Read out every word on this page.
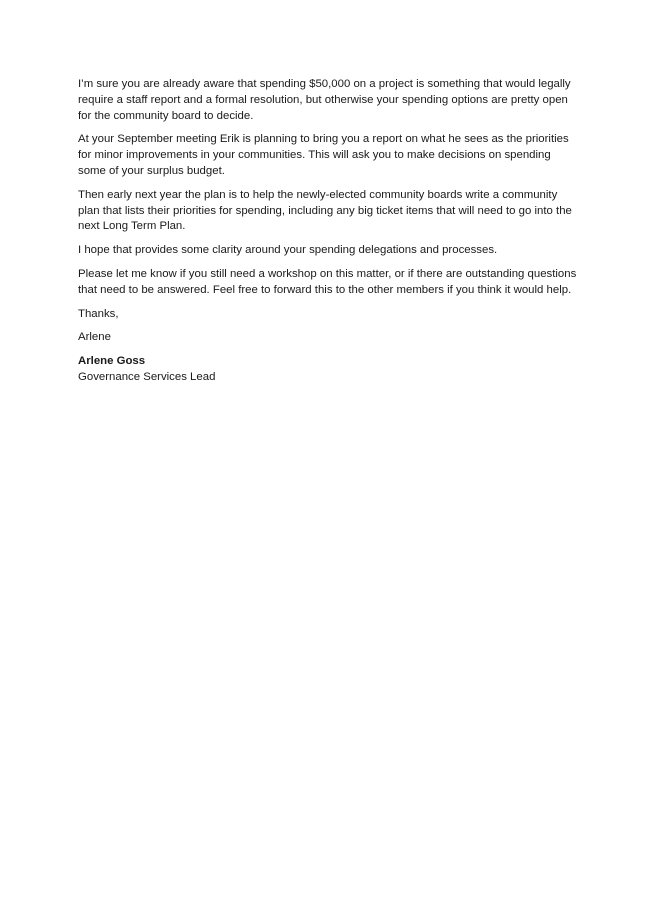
I’m sure you are already aware that spending $50,000 on a project is something that would legally require a staff report and a formal resolution, but otherwise your spending options are pretty open for the community board to decide.

At your September meeting Erik is planning to bring you a report on what he sees as the priorities for minor improvements in your communities. This will ask you to make decisions on spending some of your surplus budget.

Then early next year the plan is to help the newly-elected community boards write a community plan that lists their priorities for spending, including any big ticket items that will need to go into the next Long Term Plan.

I hope that provides some clarity around your spending delegations and processes.

Please let me know if you still need a workshop on this matter, or if there are outstanding questions that need to be answered. Feel free to forward this to the other members if you think it would help.

Thanks,

Arlene

Arlene Goss
Governance Services Lead
